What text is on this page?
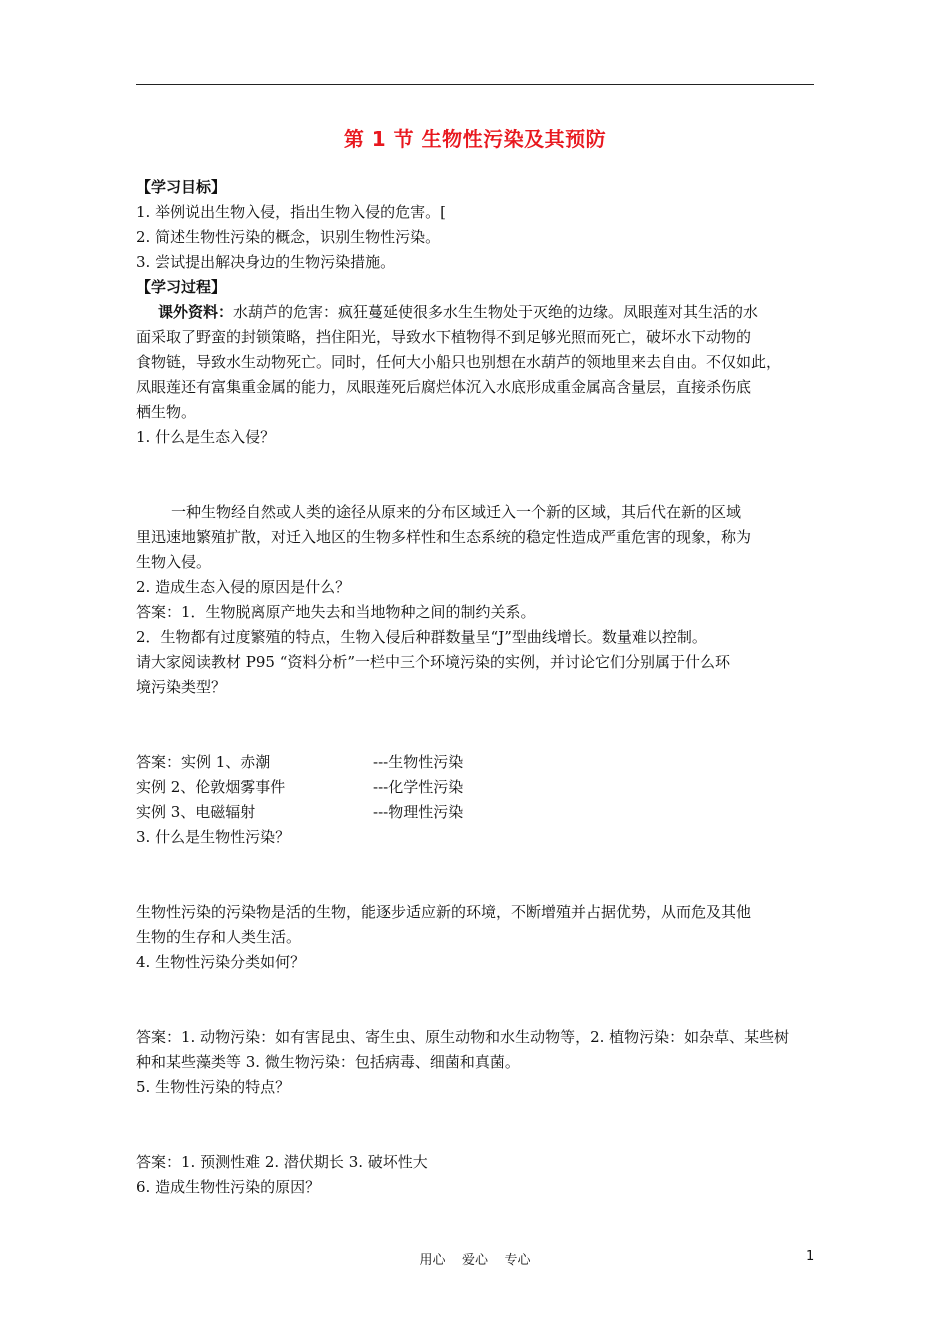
第 1 节 生物性污染及其预防
【学习目标】
1. 举例说出生物入侵，指出生物入侵的危害。[
2. 简述生物性污染的概念，识别生物性污染。
3. 尝试提出解决身边的生物污染措施。
【学习过程】
课外资料：水葫芦的危害：疯狂蔓延使很多水生生物处于灭绝的边缘。凤眼莲对其生活的水
面采取了野蛮的封锁策略，挡住阳光，导致水下植物得不到足够光照而死亡，破坏水下动物的
食物链，导致水生动物死亡。同时，任何大小船只也别想在水葫芦的领地里来去自由。不仅如此，
凤眼莲还有富集重金属的能力，凤眼莲死后腐烂体沉入水底形成重金属高含量层，直接杀伤底
栖生物。
1. 什么是生态入侵？
一种生物经自然或人类的途径从原来的分布区域迁入一个新的区域，其后代在新的区域
里迅速地繁殖扩散，对迁入地区的生物多样性和生态系统的稳定性造成严重危害的现象，称为
生物入侵。
2. 造成生态入侵的原因是什么？
答案：1．生物脱离原产地失去和当地物种之间的制约关系。
2．生物都有过度繁殖的特点，生物入侵后种群数量呈“J”型曲线增长。数量难以控制。
请大家阅读教材 P95 “资料分析”一栏中三个环境污染的实例，并讨论它们分别属于什么环
境污染类型？
答案：实例 1、赤潮	---生物性污染
实例 2、伦敦烟雾事件	---化学性污染
实例 3、电磁辐射	---物理性污染
3. 什么是生物性污染？
生物性污染的污染物是活的生物，能逐步适应新的环境，不断增殖并占据优势，从而危及其他
生物的生存和人类生活。
4. 生物性污染分类如何？
答案：1. 动物污染：如有害昆虫、寄生虫、原生动物和水生动物等，2. 植物污染：如杂草、某些树
种和某些藻类等 3. 微生物污染：包括病毒、细菌和真菌。
5. 生物性污染的特点？
答案：1. 预测性难 2. 潜伏期长 3. 破坏性大
6. 造成生物性污染的原因？
用心    爱心    专心	1
